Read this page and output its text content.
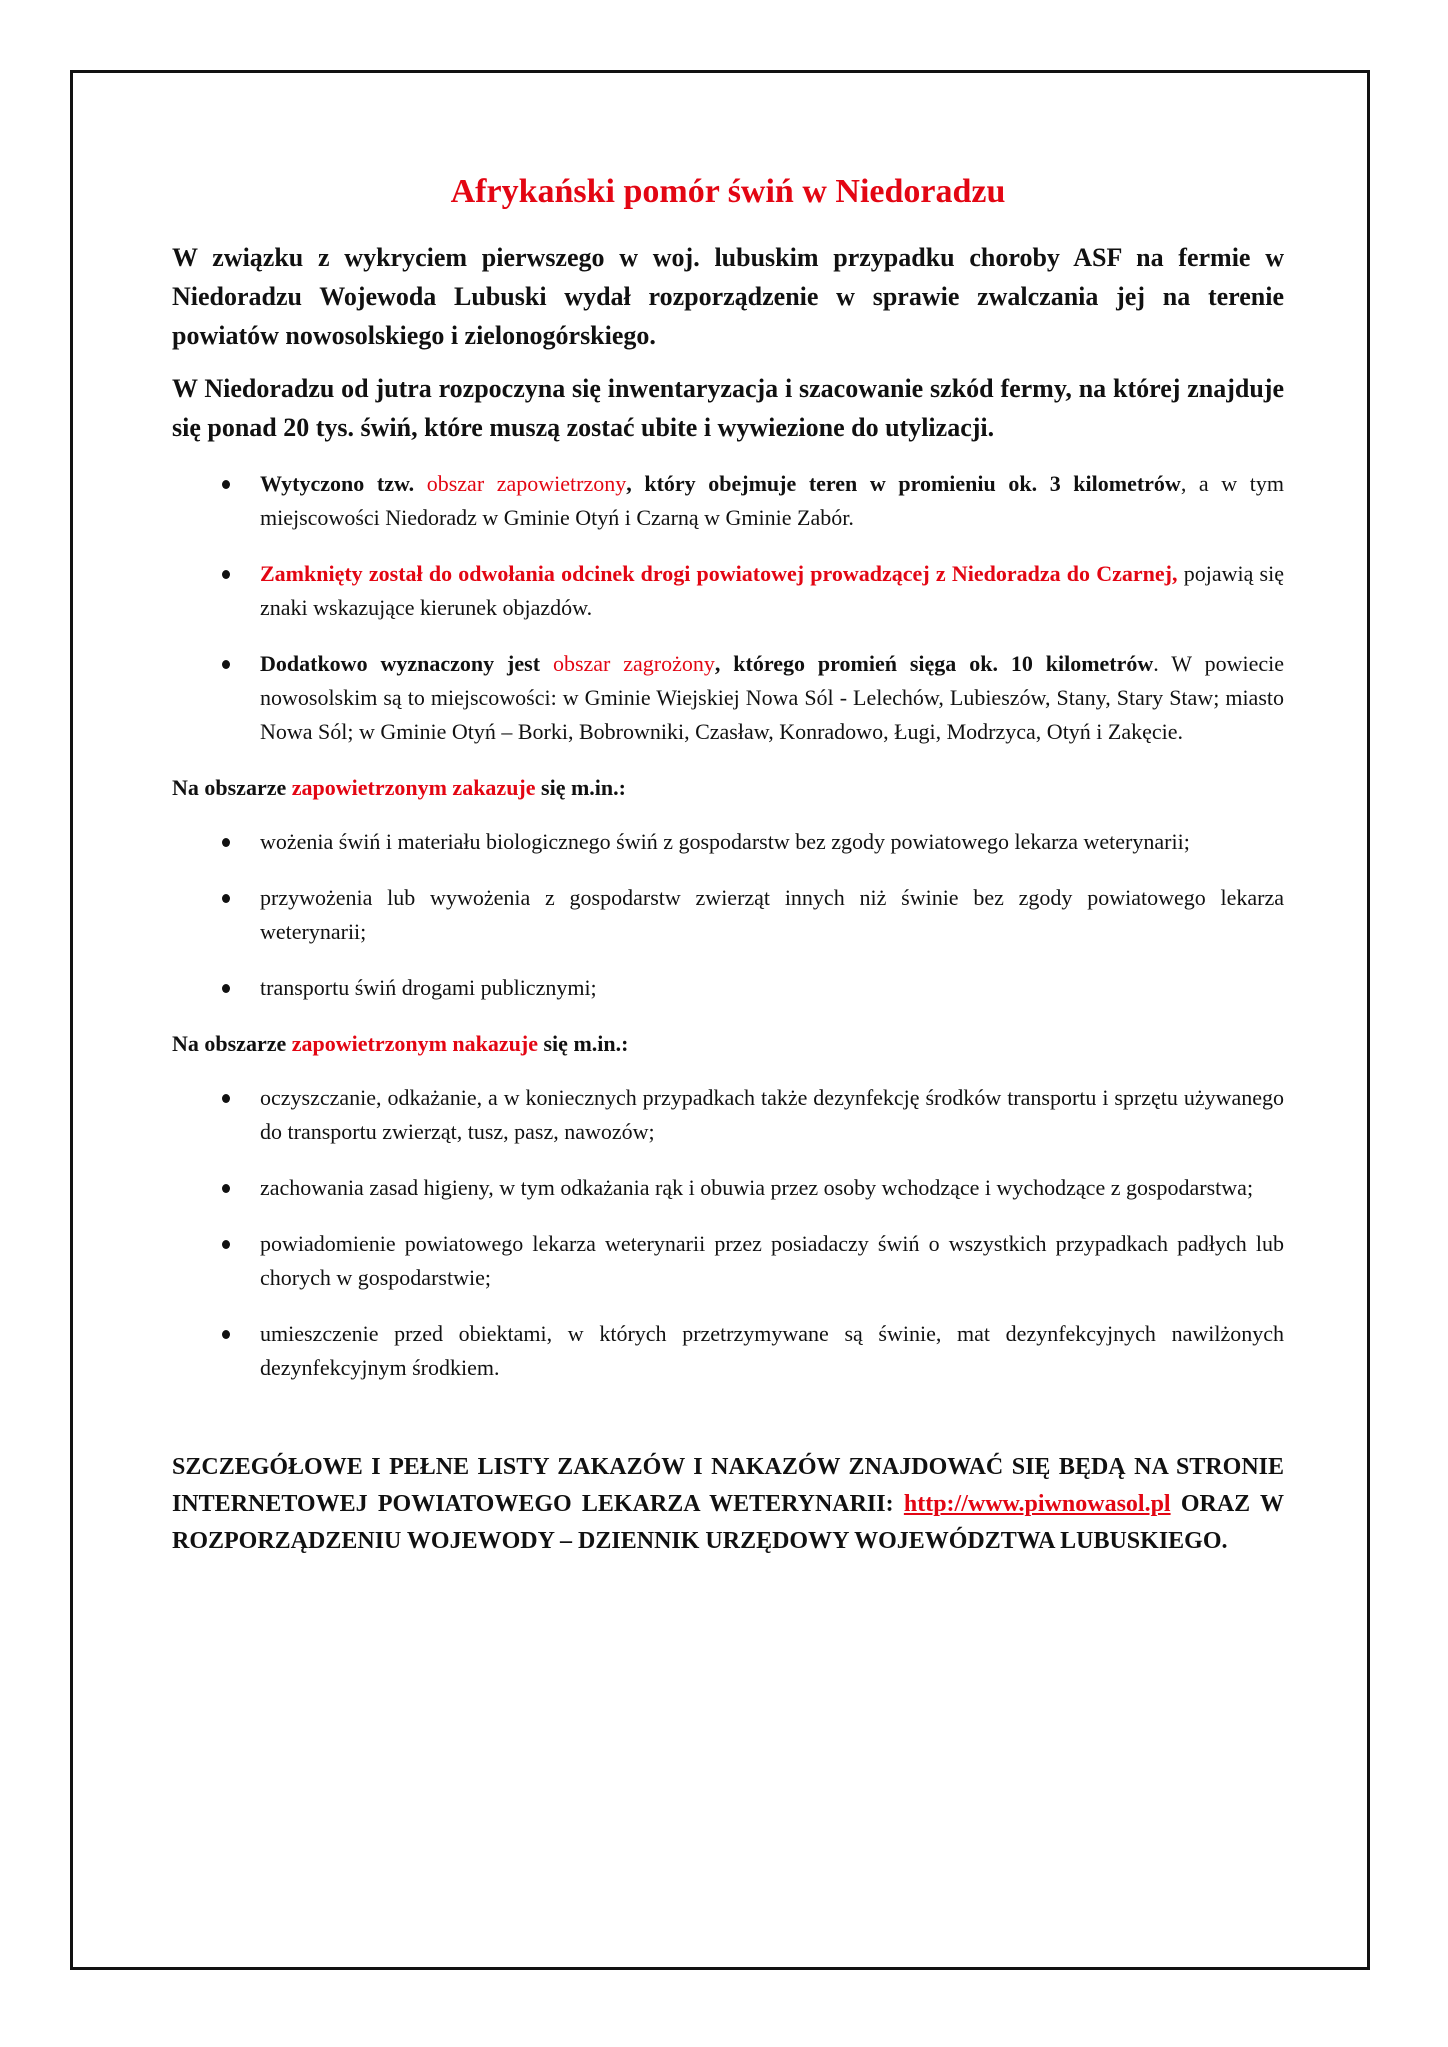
Afrykański pomór świń w Niedoradzu

W związku z wykryciem pierwszego w woj. lubuskim przypadku choroby ASF na fermie w Niedoradzu Wojewoda Lubuski wydał rozporządzenie w sprawie zwalczania jej na terenie powiatów nowosolskiego i zielonogórskiego.

W Niedoradzu od jutra rozpoczyna się inwentaryzacja i szacowanie szkód fermy, na której znajduje się ponad 20 tys. świń, które muszą zostać ubite i wywiezione do utylizacji.

Wytyczono tzw. obszar zapowietrzony, który obejmuje teren w promieniu ok. 3 kilometrów, a w tym miejscowości Niedoradz w Gminie Otyń i Czarną w Gminie Zabór.
Zamknięty został do odwołania odcinek drogi powiatowej prowadzącej z Niedoradza do Czarnej, pojawią się znaki wskazujące kierunek objazdów.
Dodatkowo wyznaczony jest obszar zagrożony, którego promień sięga ok. 10 kilometrów. W powiecie nowosolskim są to miejscowości: w Gminie Wiejskiej Nowa Sól - Lelechów, Lubieszów, Stany, Stary Staw; miasto Nowa Sól; w Gminie Otyń – Borki, Bobrowniki, Czasław, Konradowo, Ługi, Modrzyca, Otyń i Zakęcie.
Na obszarze zapowietrzonym zakazuje się m.in.:
wożenia świń i materiału biologicznego świń z gospodarstw bez zgody powiatowego lekarza weterynarii;
przywożenia lub wywożenia z gospodarstw zwierząt innych niż świnie bez zgody powiatowego lekarza weterynarii;
transportu świń drogami publicznymi;
Na obszarze zapowietrzonym nakazuje się m.in.:
oczyszczanie, odkażanie, a w koniecznych przypadkach także dezynfekcję środków transportu i sprzętu używanego do transportu zwierząt, tusz, pasz, nawozów;
zachowania zasad higieny, w tym odkażania rąk i obuwia przez osoby wchodzące i wychodzące z gospodarstwa;
powiadomienie powiatowego lekarza weterynarii przez posiadaczy świń o wszystkich przypadkach padłych lub chorych w gospodarstwie;
umieszczenie przed obiektami, w których przetrzymywane są świnie, mat dezynfekcyjnych nawilżonych dezynfekcyjnym środkiem.

SZCZEGÓŁOWE I PEŁNE LISTY ZAKAZÓW I NAKAZÓW ZNAJDOWAĆ SIĘ BĘDĄ NA STRONIE INTERNETOWEJ POWIATOWEGO LEKARZA WETERYNARII: http://www.piwnowasol.pl ORAZ W ROZPORZĄDZENIU WOJEWODY – DZIENNIK URZĘDOWY WOJEWÓDZTWA LUBUSKIEGO.
